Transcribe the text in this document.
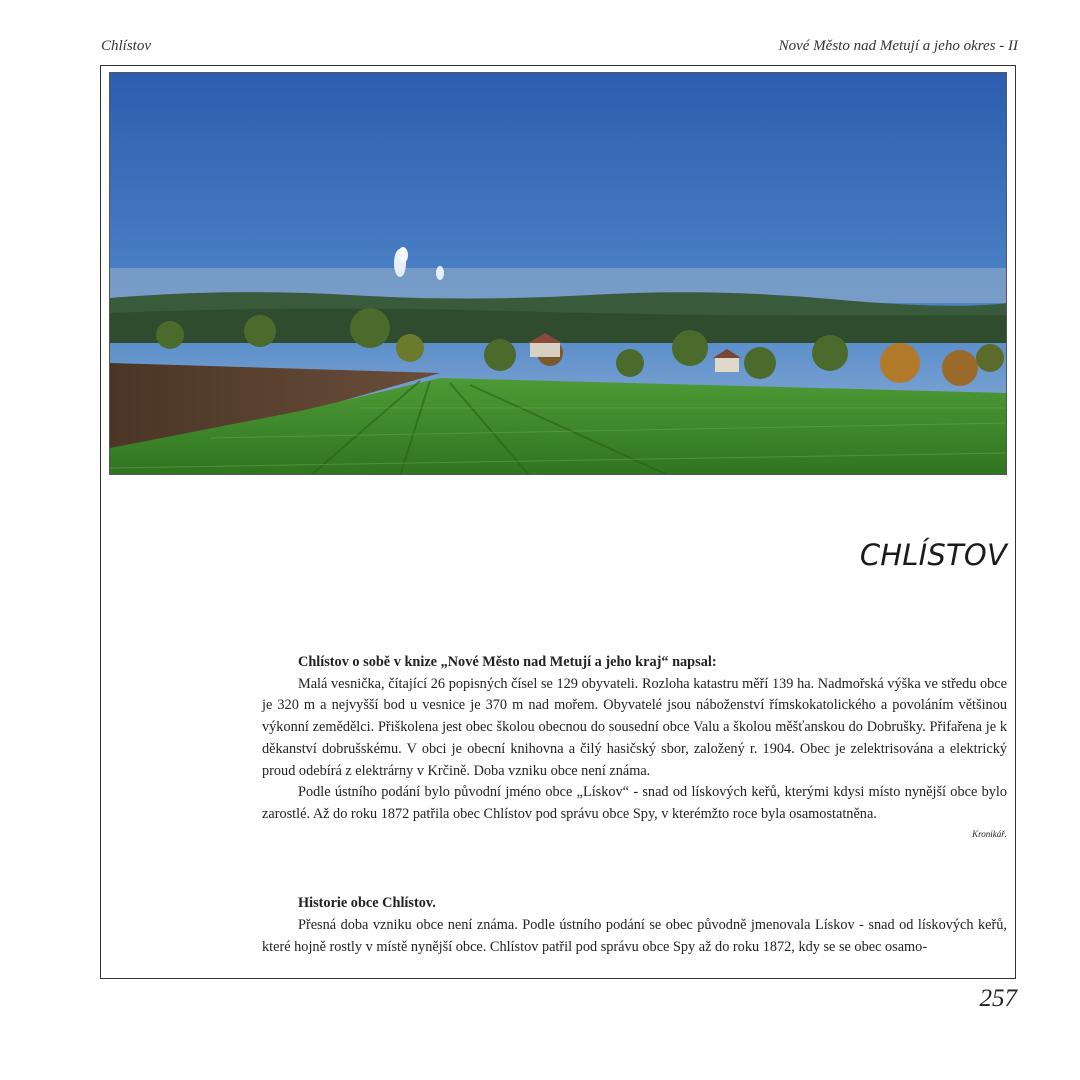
Chlístov	Nové Město nad Metují a jeho okres - II
CHLÍSTOV

Chlístov o sobě v knize „Nové Město nad Metují a jeho kraj“ napsal:

Malá vesnička, čítající 26 popisných čísel se 129 obyvateli. Rozloha katastru měří 139 ha. Nadmořská výška ve středu obce je 320 m a nejvyšší bod u vesnice je 370 m nad mořem. Obyvatelé jsou náboženství římskokatolického a povoláním většinou výkonní zemědělci. Přiškolena jest obec školou obecnou do sousední obce Valu a školou měšťanskou do Dobrušky. Přifařena je k děkanství dobrušskému. V obci je obecní knihovna a čilý hasičský sbor, založený r. 1904. Obec je zelektrisována a elektrický proud odebírá z elektrárny v Krčině. Doba vzniku obce není známa.

Podle ústního podání bylo původní jméno obce „Lískov“ - snad od lískových keřů, kterými kdysi místo nynější obce bylo zarostlé. Až do roku 1872 patřila obec Chlístov pod správu obce Spy, v kterémžto roce byla osamostatněna.

Kronikář.

Historie obce Chlístov.

Přesná doba vzniku obce není známa. Podle ústního podání se obec původně jmenovala Lískov - snad od lískových keřů, které hojně rostly v místě nynější obce. Chlístov patřil pod správu obce Spy až do roku 1872, kdy se se obec osamo-

257
